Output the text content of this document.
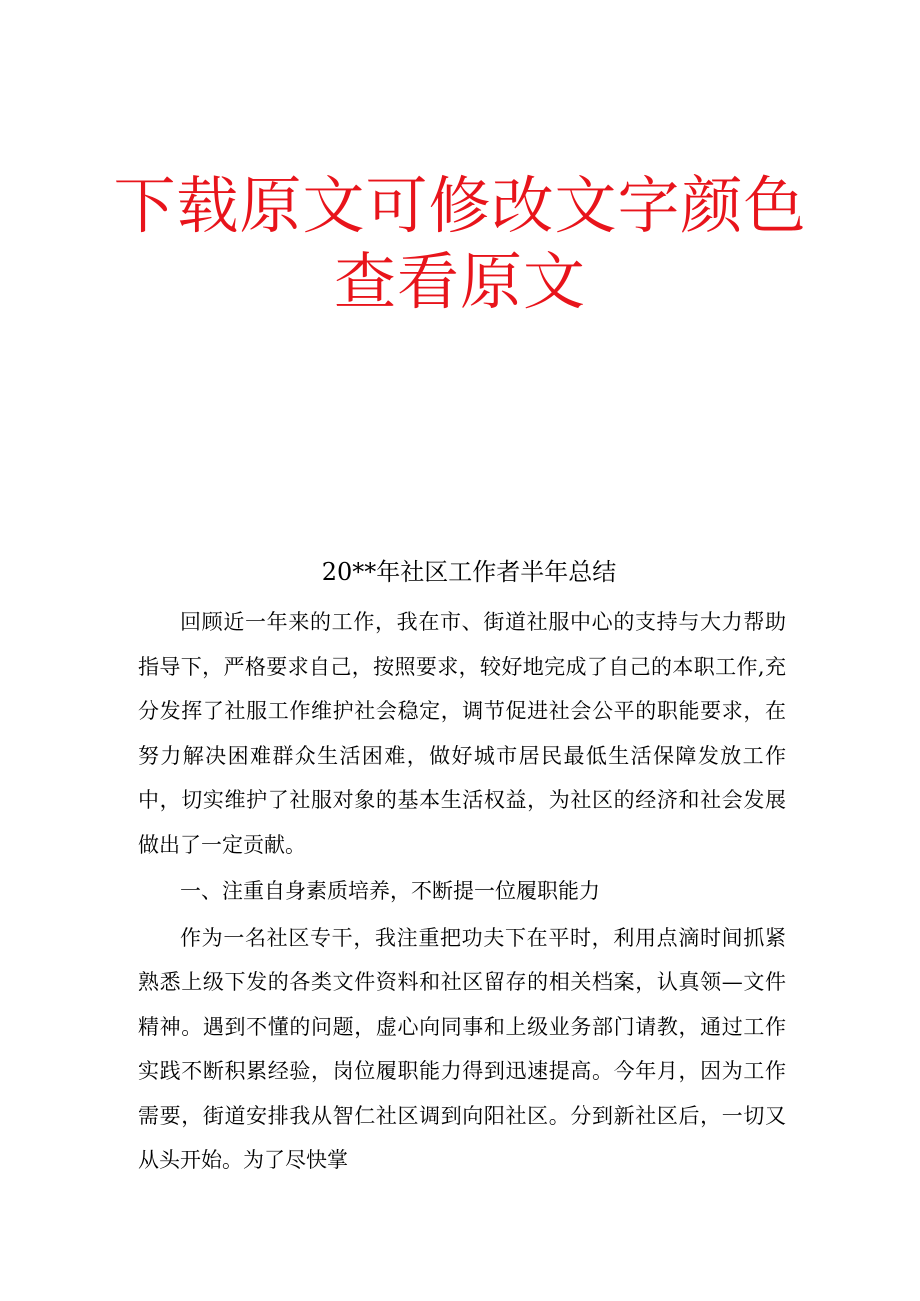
下载原文可修改文字颜色
查看原文
20**年社区工作者半年总结

回顾近一年来的工作，我在市、街道社服中心的支持与大力帮助指导下，严格要求自己，按照要求，较好地完成了自己的本职工作,充分发挥了社服工作维护社会稳定，调节促进社会公平的职能要求，在努力解决困难群众生活困难，做好城市居民最低生活保障发放工作中，切实维护了社服对象的基本生活权益，为社区的经济和社会发展做出了一定贡献。

一、注重自身素质培养，不断提一位履职能力

作为一名社区专干，我注重把功夫下在平时，利用点滴时间抓紧熟悉上级下发的各类文件资料和社区留存的相关档案，认真领—文件精神。遇到不懂的问题，虚心向同事和上级业务部门请教，通过工作实践不断积累经验，岗位履职能力得到迅速提高。今年月，因为工作需要，街道安排我从智仁社区调到向阳社区。分到新社区后，一切又从头开始。为了尽快掌
